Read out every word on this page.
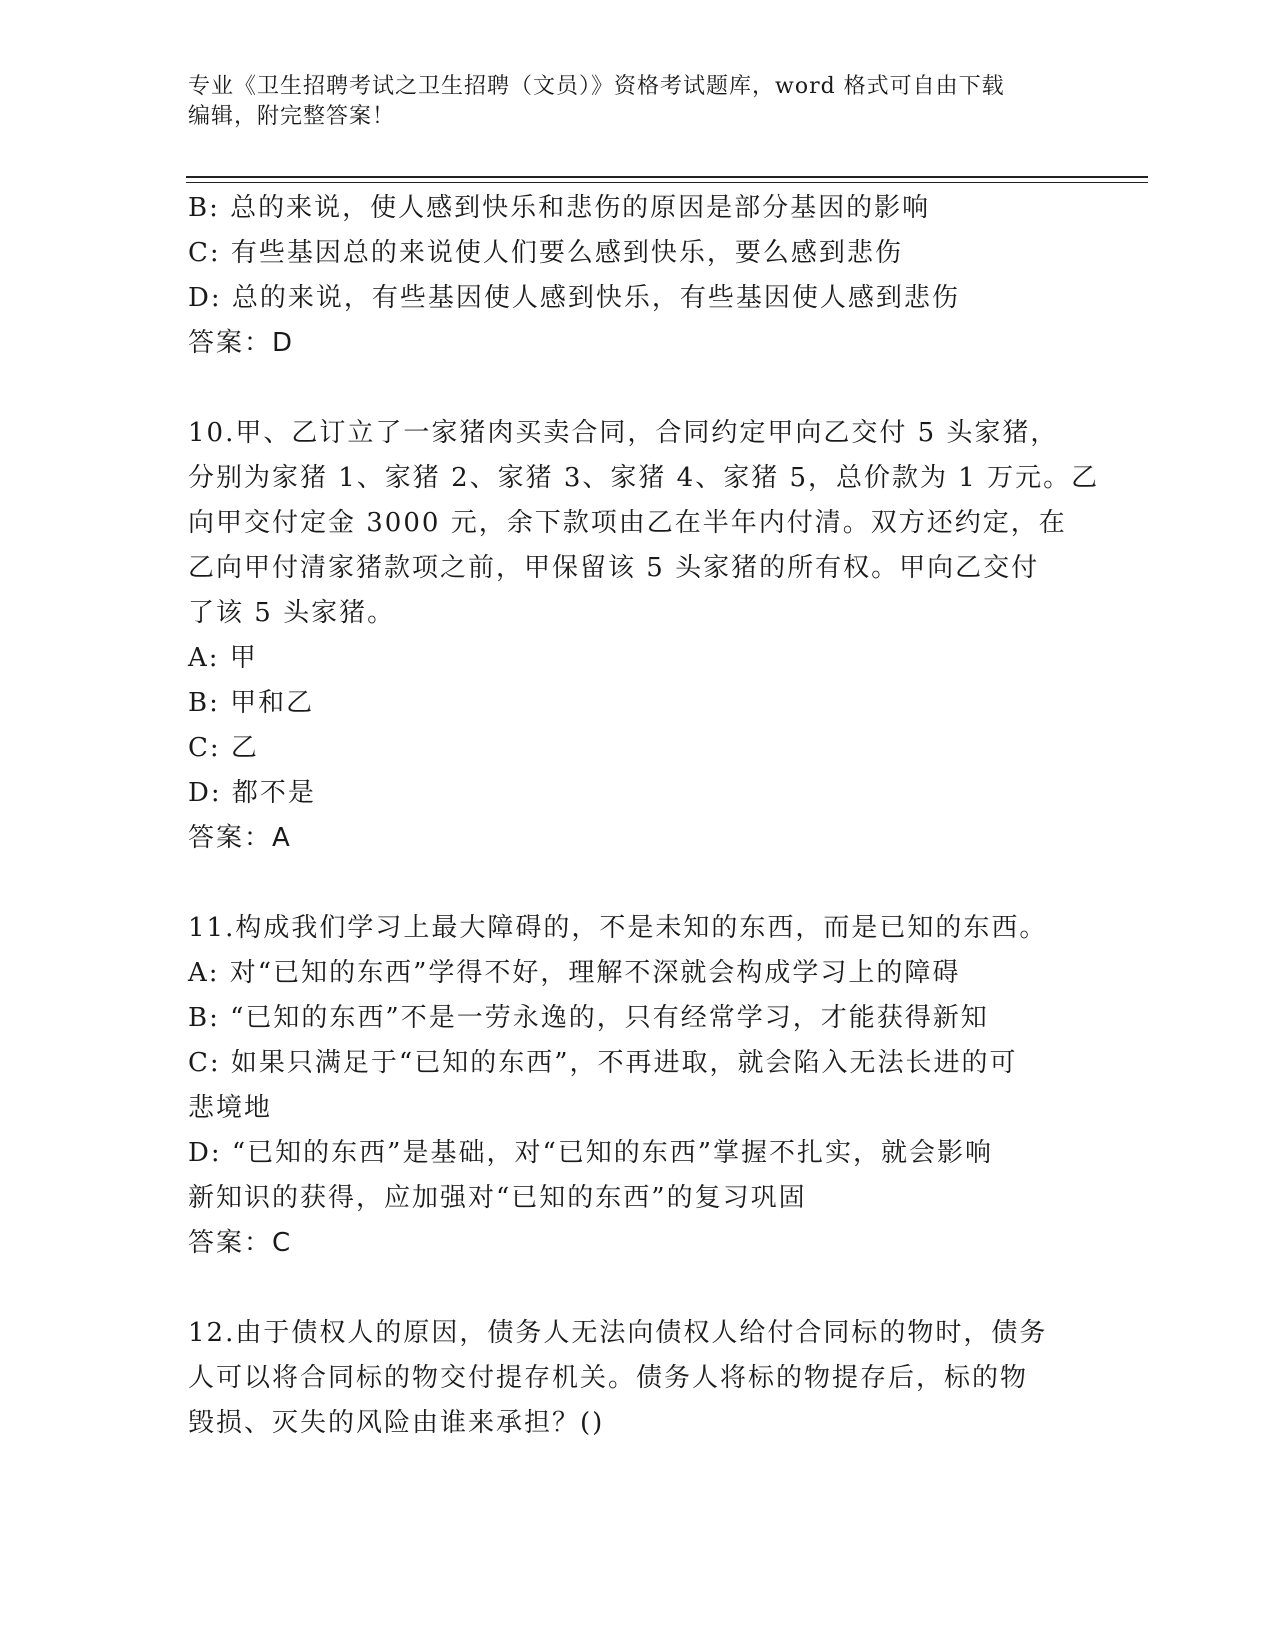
专业《卫生招聘考试之卫生招聘（文员）》资格考试题库，word 格式可自由下载
编辑，附完整答案！
B: 总的来说，使人感到快乐和悲伤的原因是部分基因的影响
C: 有些基因总的来说使人们要么感到快乐，要么感到悲伤
D: 总的来说，有些基因使人感到快乐，有些基因使人感到悲伤
答案：D
10.甲、乙订立了一家猪肉买卖合同，合同约定甲向乙交付 5 头家猪，
分别为家猪 1、家猪 2、家猪 3、家猪 4、家猪 5，总价款为 1 万元。乙
向甲交付定金 3000 元，余下款项由乙在半年内付清。双方还约定，在
乙向甲付清家猪款项之前，甲保留该 5 头家猪的所有权。甲向乙交付
了该 5 头家猪。
A: 甲
B: 甲和乙
C: 乙
D: 都不是
答案：A
11.构成我们学习上最大障碍的，不是未知的东西，而是已知的东西。
A: 对“已知的东西”学得不好，理解不深就会构成学习上的障碍
B: “已知的东西”不是一劳永逸的，只有经常学习，才能获得新知
C: 如果只满足于“已知的东西”，不再进取，就会陷入无法长进的可
悲境地
D: “已知的东西”是基础，对“已知的东西”掌握不扎实，就会影响
新知识的获得，应加强对“已知的东西”的复习巩固
答案：C
12.由于债权人的原因，债务人无法向债权人给付合同标的物时，债务
人可以将合同标的物交付提存机关。债务人将标的物提存后，标的物
毁损、灭失的风险由谁来承担？()
